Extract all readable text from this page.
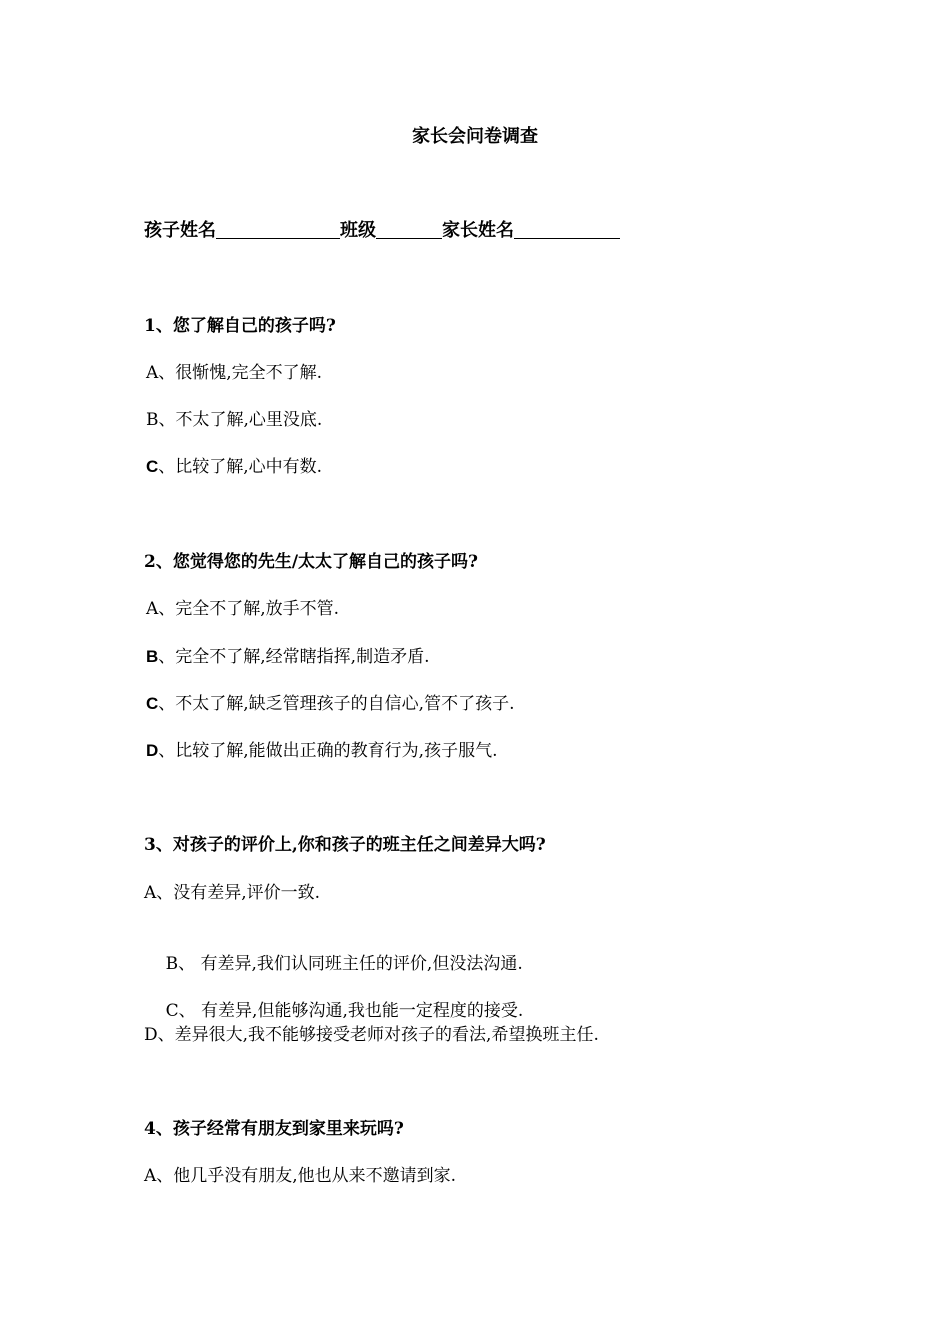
家长会问卷调查
孩子姓名	班级	家长姓名
1、您了解自己的孩子吗?
A、很惭愧,完全不了解.
B、不太了解,心里没底.
C、比较了解,心中有数.
2、您觉得您的先生/太太了解自己的孩子吗?
A、完全不了解,放手不管.
B、完全不了解,经常瞎指挥,制造矛盾.
C、不太了解,缺乏管理孩子的自信心,管不了孩子.
D、比较了解,能做出正确的教育行为,孩子服气.
3、对孩子的评价上,你和孩子的班主任之间差异大吗?
A、没有差异,评价一致.

B、 有差异,我们认同班主任的评价,但没法沟通.

C、 有差异,但能够沟通,我也能一定程度的接受.

D、差异很大,我不能够接受老师对孩子的看法,希望换班主任.
4、孩子经常有朋友到家里来玩吗?
A、他几乎没有朋友,他也从来不邀请到家.
